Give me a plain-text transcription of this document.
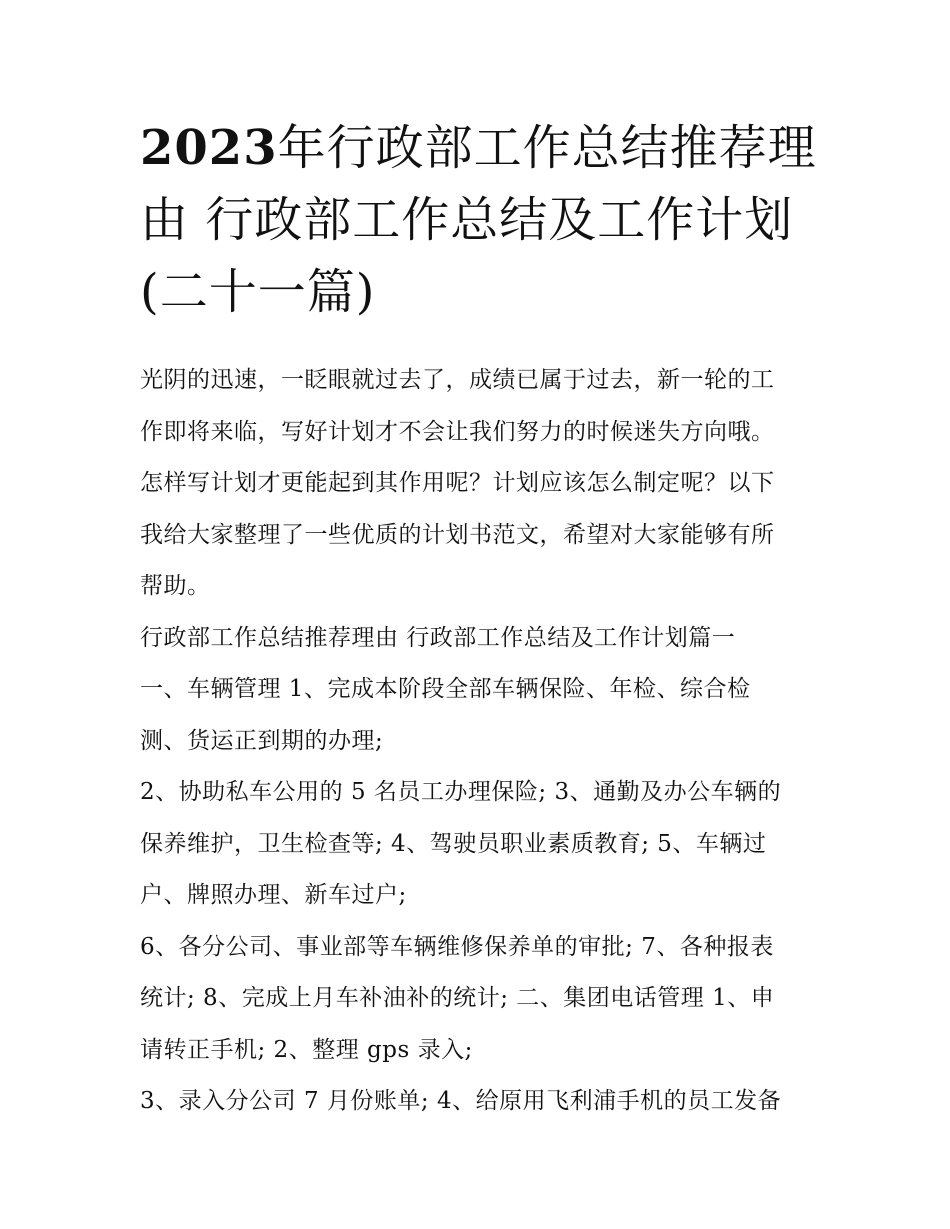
2023年行政部工作总结推荐理
由 行政部工作总结及工作计划
(二十一篇)

光阴的迅速，一眨眼就过去了，成绩已属于过去，新一轮的工
作即将来临，写好计划才不会让我们努力的时候迷失方向哦。
怎样写计划才更能起到其作用呢？计划应该怎么制定呢？以下
我给大家整理了一些优质的计划书范文，希望对大家能够有所
帮助。

行政部工作总结推荐理由 行政部工作总结及工作计划篇一

一、车辆管理 1、完成本阶段全部车辆保险、年检、综合检
测、货运正到期的办理;

2、协助私车公用的 5 名员工办理保险; 3、通勤及办公车辆的
保养维护，卫生检查等; 4、驾驶员职业素质教育; 5、车辆过
户、牌照办理、新车过户;

6、各分公司、事业部等车辆维修保养单的审批; 7、各种报表
统计; 8、完成上月车补油补的统计; 二、集团电话管理 1、申
请转正手机; 2、整理 gps 录入;

3、录入分公司 7 月份账单; 4、给原用飞利浦手机的员工发备
